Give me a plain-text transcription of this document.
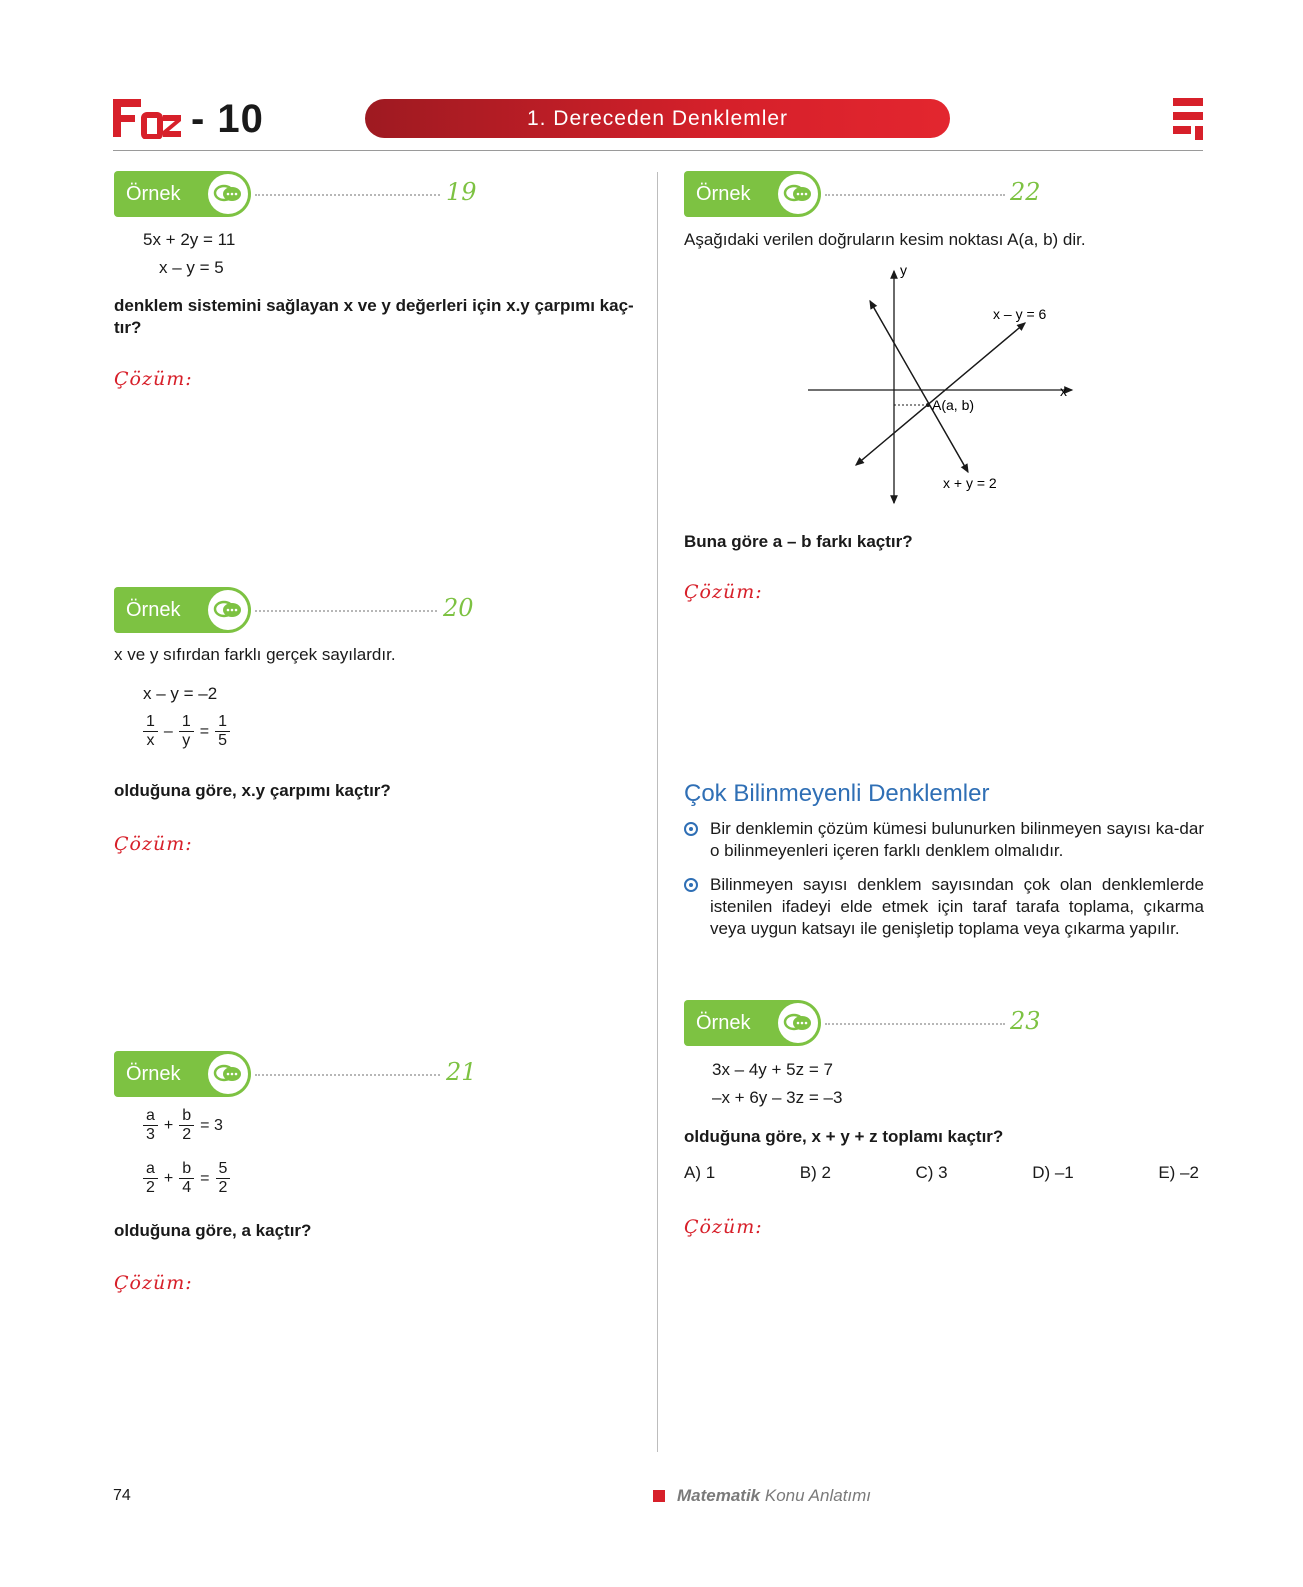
- 10	1. Dereceden Denklemler
Örnek	19
5x + 2y = 11
x – y = 5
denklem sistemini sağlayan x ve y değerleri için x.y çarpımı kaç-
tır?
Çözüm:
Örnek	20
x ve y sıfırdan farklı gerçek sayılardır.
x – y = –2
$\frac{1}{x} - \frac{1}{y} = \frac{1}{5}$
olduğuna göre, x.y çarpımı kaçtır?
Çözüm:
Örnek	21
$\frac{a}{3} + \frac{b}{2} = 3$
$\frac{a}{2} + \frac{b}{4} = \frac{5}{2}$
olduğuna göre, a kaçtır?
Çözüm:
Örnek	22
Aşağıdaki verilen doğruların kesim noktası A(a, b) dir.
y
x
x – y = 6
x + y = 2
A(a, b)
Buna göre a – b farkı kaçtır?
Çözüm:
Çok Bilinmeyenli Denklemler
Bir denklemin çözüm kümesi bulunurken bilinmeyen sayısı ka-dar o bilinmeyenleri içeren farklı denklem olmalıdır.
Bilinmeyen sayısı denklem sayısından çok olan denklemlerde istenilen ifadeyi elde etmek için taraf tarafa toplama, çıkarma veya uygun katsayı ile genişletip toplama veya çıkarma yapılır.
Örnek	23
3x – 4y + 5z = 7
–x + 6y – 3z = –3
olduğuna göre, x + y + z toplamı kaçtır?
A) 1	B) 2	C) 3	D) –1	E) –2
Çözüm:
74	Matematik Konu Anlatımı
